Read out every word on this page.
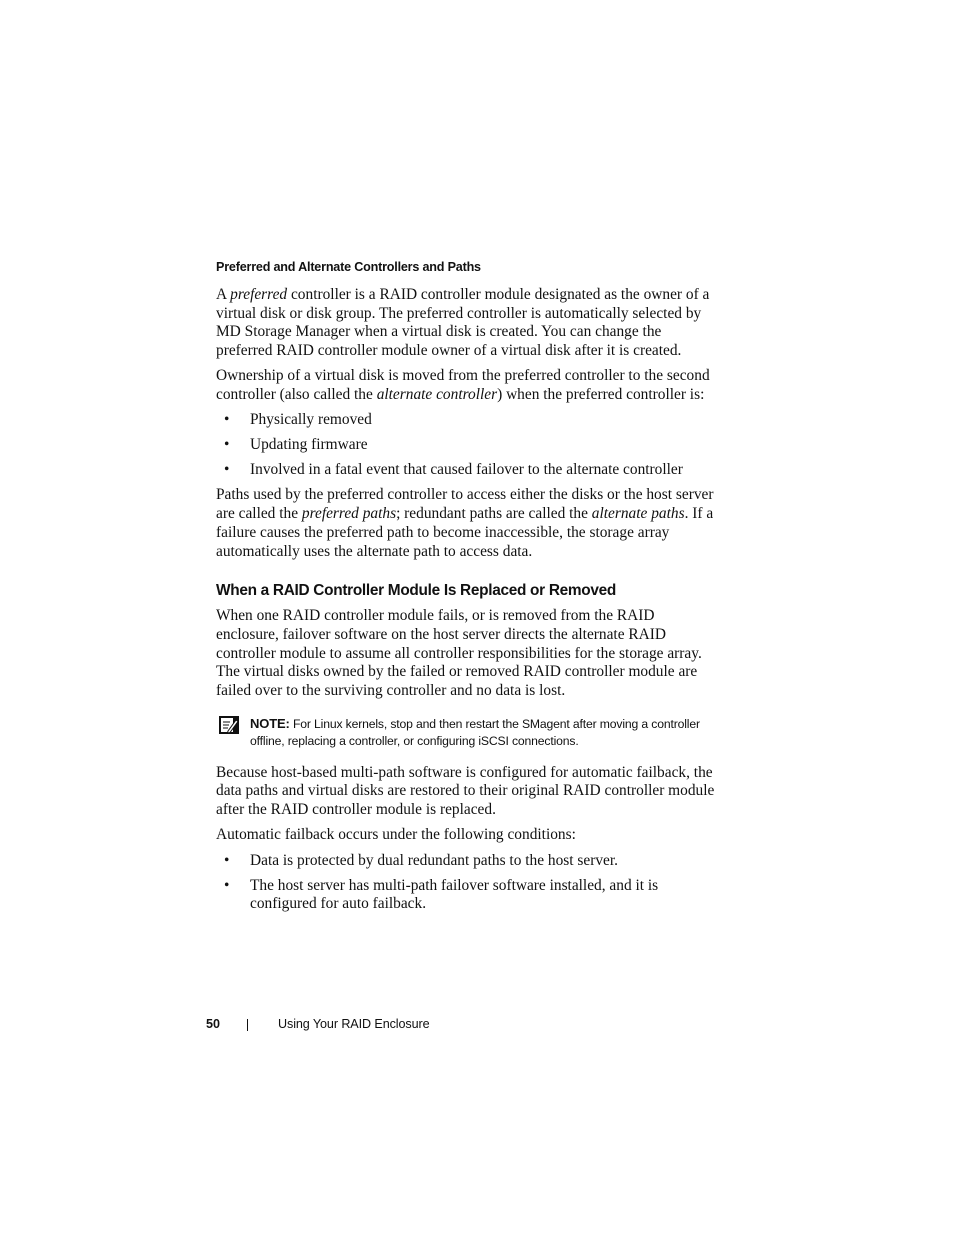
Preferred and Alternate Controllers and Paths

A preferred controller is a RAID controller module designated as the owner of a virtual disk or disk group. The preferred controller is automatically selected by MD Storage Manager when a virtual disk is created. You can change the preferred RAID controller module owner of a virtual disk after it is created.

Ownership of a virtual disk is moved from the preferred controller to the second controller (also called the alternate controller) when the preferred controller is:

• Physically removed
• Updating firmware
• Involved in a fatal event that caused failover to the alternate controller

Paths used by the preferred controller to access either the disks or the host server are called the preferred paths; redundant paths are called the alternate paths. If a failure causes the preferred path to become inaccessible, the storage array automatically uses the alternate path to access data.

When a RAID Controller Module Is Replaced or Removed

When one RAID controller module fails, or is removed from the RAID enclosure, failover software on the host server directs the alternate RAID controller module to assume all controller responsibilities for the storage array. The virtual disks owned by the failed or removed RAID controller module are failed over to the surviving controller and no data is lost.

NOTE: For Linux kernels, stop and then restart the SMagent after moving a controller offline, replacing a controller, or configuring iSCSI connections.

Because host-based multi-path software is configured for automatic failback, the data paths and virtual disks are restored to their original RAID controller module after the RAID controller module is replaced.

Automatic failback occurs under the following conditions:

• Data is protected by dual redundant paths to the host server.
• The host server has multi-path failover software installed, and it is configured for auto failback.
50	Using Your RAID Enclosure
